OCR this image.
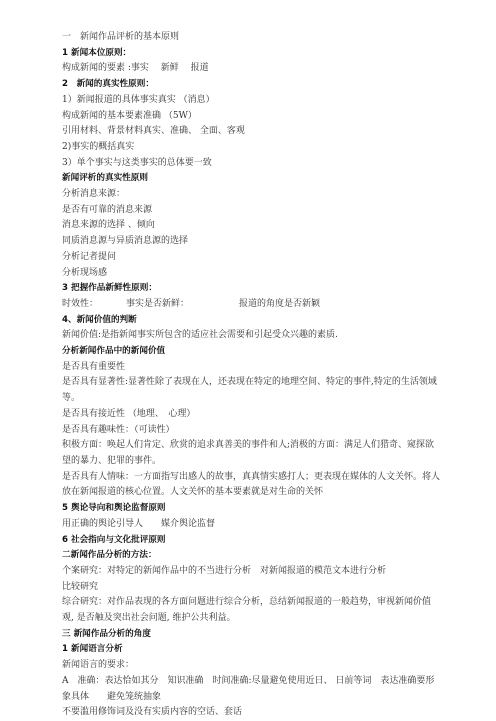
一　新闻作品评析的基本原则
1 新闻本位原则：
构成新闻的要素 :事实　 新鲜　 报道
2　新闻的真实性原则：
1）新闻报道的具体事实真实 （消息）
构成新闻的基本要素准确 （5W）
引用材料、背景材料真实、准确、 全面、客观
2)事实的概括真实
3）单个事实与这类事实的总体要一致
新闻评析的真实性原则
分析消息来源：
是否有可靠的消息来源
消息来源的选择 、倾向
同质消息源与异质消息源的选择
分析记者提问
分析现场感
3 把握作品新鲜性原则：
时效性：	事实是否新鲜：	报道的角度是否新颖
4、新闻价值的判断
新闻价值:是指新闻事实所包含的适应社会需要和引起受众兴趣的素质.
分析新闻作品中的新闻价值
是否具有重要性
是否具有显著性:显著性除了表现在人，还表现在特定的地理空间、特定的事件,特定的生活领域等。
是否具有接近性 （地理、　心理）
是否具有趣味性：（可读性）
积极方面：唤起人们肯定、欣赏的追求真善美的事件和人;消极的方面：满足人们猎奇、窥探欲望的暴力、犯罪的事件。
是否具有人情味：一方面指写出感人的故事，真真情实感打人；更表现在媒体的人文关怀。将人放在新闻报道的核心位置。人文关怀的基本要素就是对生命的关怀
5 舆论导向和舆论监督原则
用正确的舆论引导人　　媒介舆论监督
6 社会指向与文化批评原则
二新闻作品分析的方法：
个案研究：对特定的新闻作品中的不当进行分析　对新闻报道的模范文本进行分析
比较研究
综合研究：对作品表现的各方面问题进行综合分析，总结新闻报道的一般趋势，审视新闻价值观, 是否触及突出社会问题, 维护公共利益。
三 新闻作品分析的角度
1 新闻语言分析
新闻语言的要求：
A　准确：表达恰如其分　知识准确　时间准确:尽量避免使用近日、 日前等词　表达准确要形象具体　　避免笼统抽象
不要滥用修饰词及没有实质内容的空话、套话
